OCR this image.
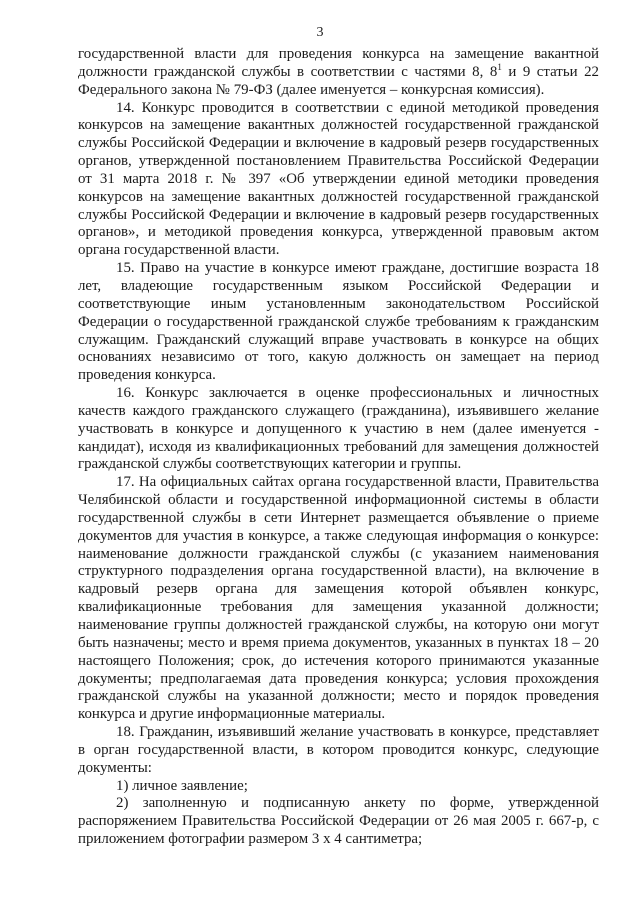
3

государственной власти для проведения конкурса на замещение вакантной должности гражданской службы в соответствии с частями 8, $8^1$ и 9 статьи 22 Федерального закона № 79-ФЗ (далее именуется – конкурсная комиссия).

14. Конкурс проводится в соответствии с единой методикой проведения конкурсов на замещение вакантных должностей государственной гражданской службы Российской Федерации и включение в кадровый резерв государственных органов, утвержденной постановлением Правительства Российской Федерации от 31 марта 2018 г. № 397 «Об утверждении единой методики проведения конкурсов на замещение вакантных должностей государственной гражданской службы Российской Федерации и включение в кадровый резерв государственных органов», и методикой проведения конкурса, утвержденной правовым актом органа государственной власти.

15. Право на участие в конкурсе имеют граждане, достигшие возраста 18 лет, владеющие государственным языком Российской Федерации и соответствующие иным установленным законодательством Российской Федерации о государственной гражданской службе требованиям к гражданским служащим. Гражданский служащий вправе участвовать в конкурсе на общих основаниях независимо от того, какую должность он замещает на период проведения конкурса.

16. Конкурс заключается в оценке профессиональных и личностных качеств каждого гражданского служащего (гражданина), изъявившего желание участвовать в конкурсе и допущенного к участию в нем (далее именуется - кандидат), исходя из квалификационных требований для замещения должностей гражданской службы соответствующих категории и группы.

17. На официальных сайтах органа государственной власти, Правительства Челябинской области и государственной информационной системы в области государственной службы в сети Интернет размещается объявление о приеме документов для участия в конкурсе, а также следующая информация о конкурсе: наименование должности гражданской службы (с указанием наименования структурного подразделения органа государственной власти), на включение в кадровый резерв органа для замещения которой объявлен конкурс, квалификационные требования для замещения указанной должности; наименование группы должностей гражданской службы, на которую они могут быть назначены; место и время приема документов, указанных в пунктах 18 – 20 настоящего Положения; срок, до истечения которого принимаются указанные документы; предполагаемая дата проведения конкурса; условия прохождения гражданской службы на указанной должности; место и порядок проведения конкурса и другие информационные материалы.

18. Гражданин, изъявивший желание участвовать в конкурсе, представляет в орган государственной власти, в котором проводится конкурс, следующие документы:

1) личное заявление;

2) заполненную и подписанную анкету по форме, утвержденной распоряжением Правительства Российской Федерации от 26 мая 2005 г. 667-р, с приложением фотографии размером 3 х 4 сантиметра;
